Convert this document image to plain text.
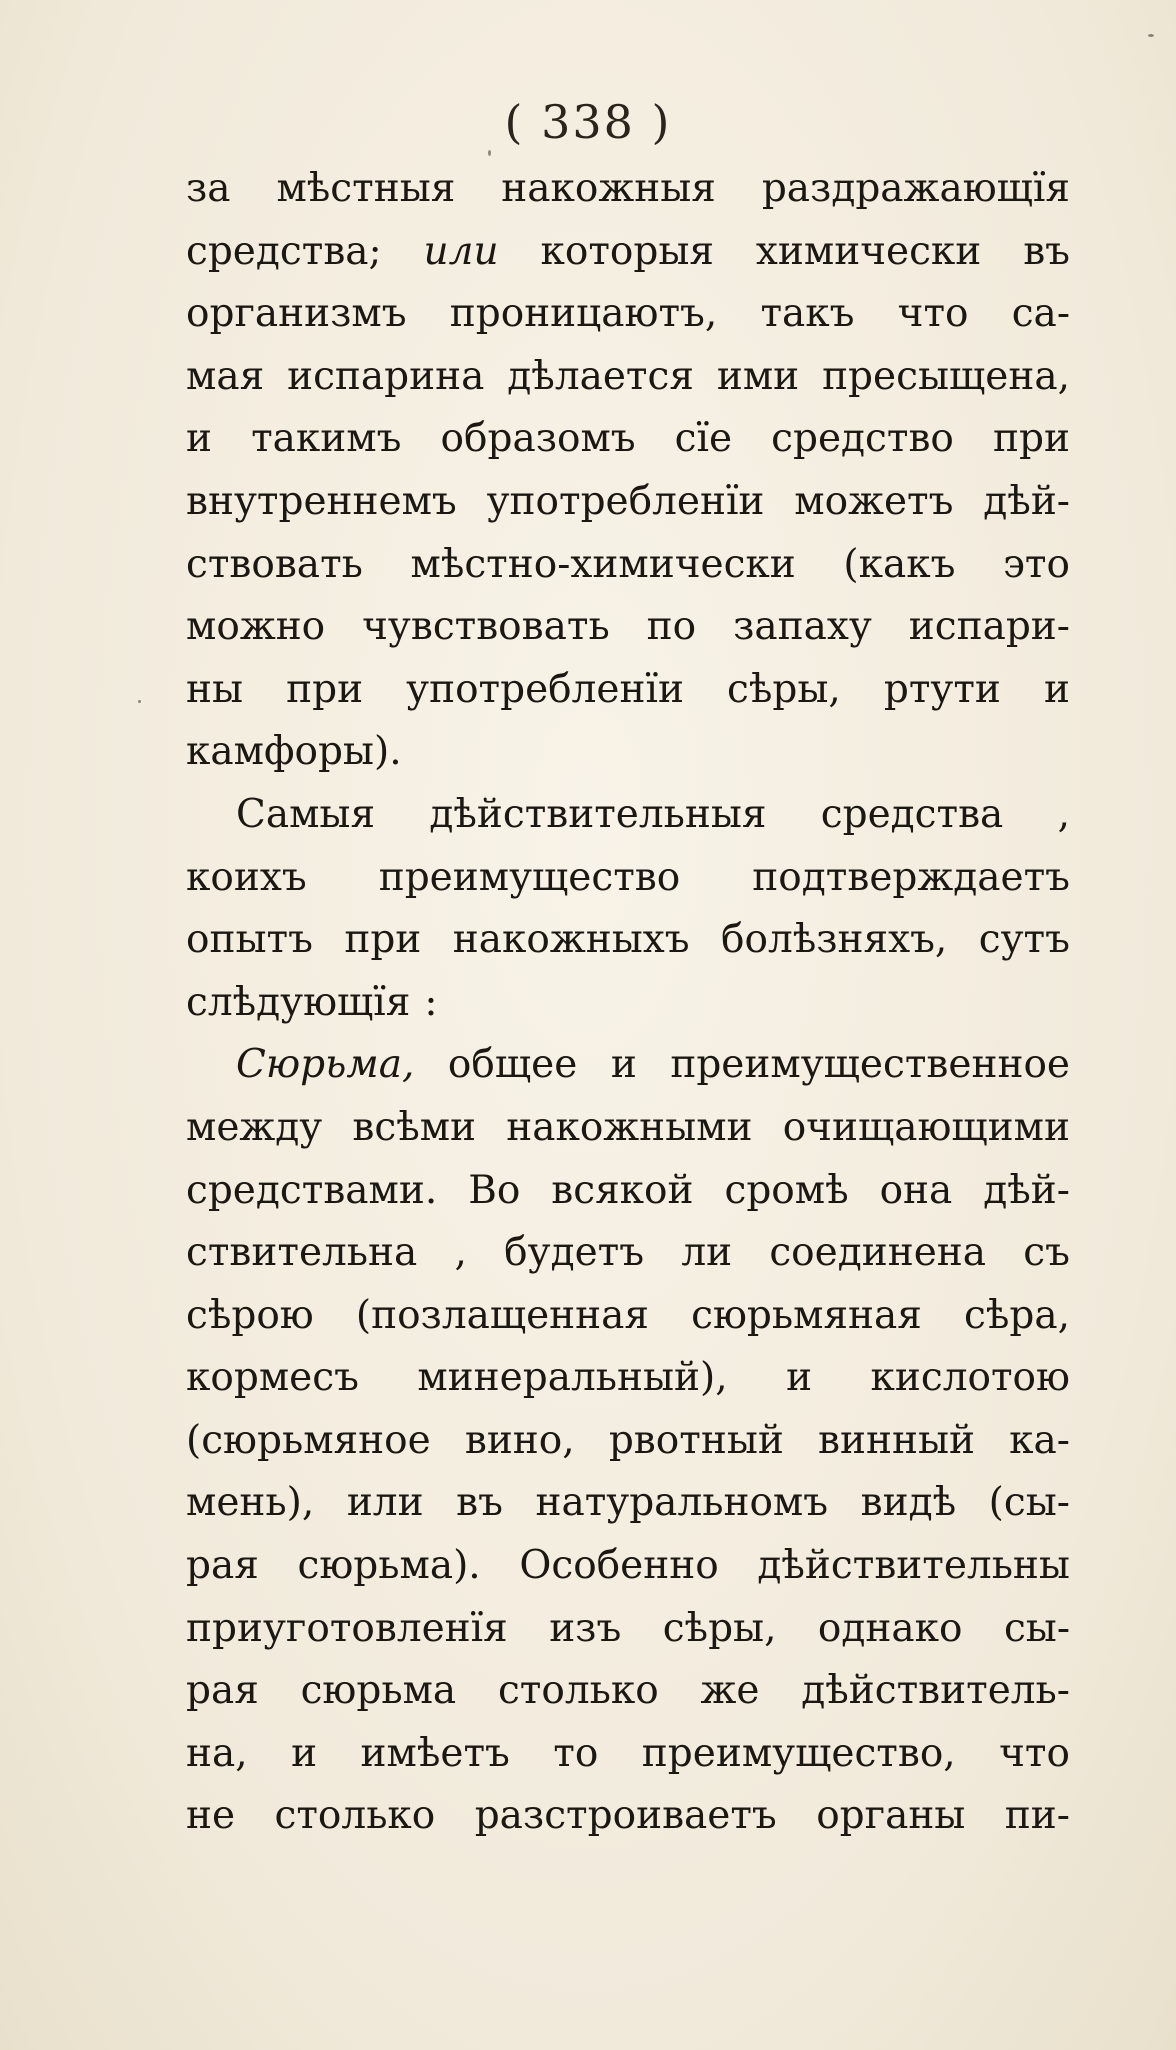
( 338 )
за мѣстныя накожныя раздражающїя
средства; или которыя химически въ
организмъ проницаютъ, такъ что са-
мая испарина дѣлается ими пресыщена,
и такимъ образомъ сїе средство при
внутреннемъ употребленїи можетъ дѣй-
ствовать мѣстно-химически (какъ это
можно чувствовать по запаху испари-
ны при употребленїи сѣры, ртути и
камфоры).
Самыя дѣйствительныя средства ,
коихъ преимущество подтверждаетъ
опытъ при накожныхъ болѣзняхъ, сутъ
слѣдующїя :
Сюрьма, общее и преимущественное
между всѣми накожными очищающими
средствами. Во всякой сромѣ она дѣй-
ствительна , будетъ ли соединена съ
сѣрою (позлащенная сюрьмяная сѣра,
кормесъ минеральный), и кислотою
(сюрьмяное вино, рвотный винный ка-
мень), или въ натуральномъ видѣ (сы-
рая сюрьма). Особенно дѣйствительны
приуготовленїя изъ сѣры, однако сы-
рая сюрьма столько же дѣйствитель-
на, и имѣетъ то преимущество, что
не столько разстроиваетъ органы пи-
